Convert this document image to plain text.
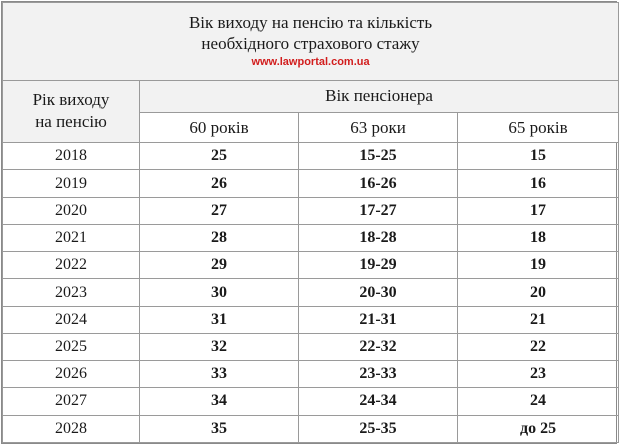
Вік виходу на пенсію та кількість
необхідного страхового стажу
www.lawportal.com.ua			

Рік виходу
на пенсію	Вік пенсіонера		
	60 років	63 роки	65 років
2018	25	15-25	15
2019	26	16-26	16
2020	27	17-27	17
2021	28	18-28	18
2022	29	19-29	19
2023	30	20-30	20
2024	31	21-31	21
2025	32	22-32	22
2026	33	23-33	23
2027	34	24-34	24
2028	35	25-35	до 25
